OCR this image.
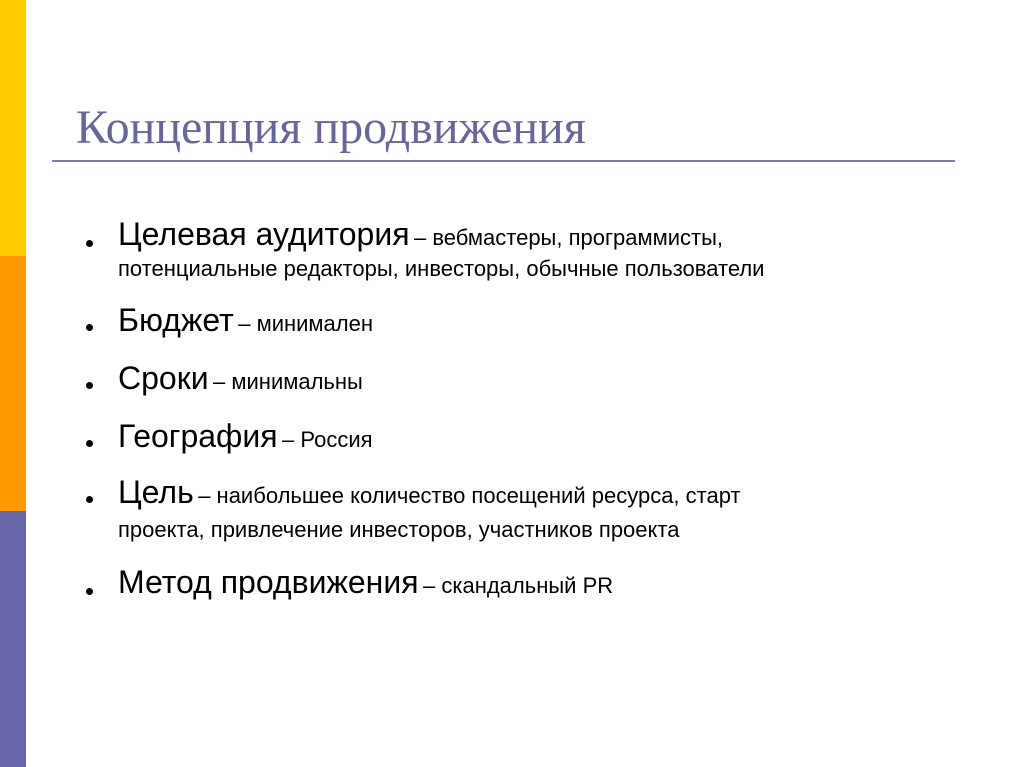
Концепция продвижения
Целевая аудитория – вебмастеры, программисты,
потенциальные редакторы, инвесторы, обычные пользователи
Бюджет – минимален
Сроки – минимальны
География – Россия
Цель – наибольшее количество посещений ресурса, старт
проекта, привлечение инвесторов, участников проекта
Метод продвижения – скандальный PR
